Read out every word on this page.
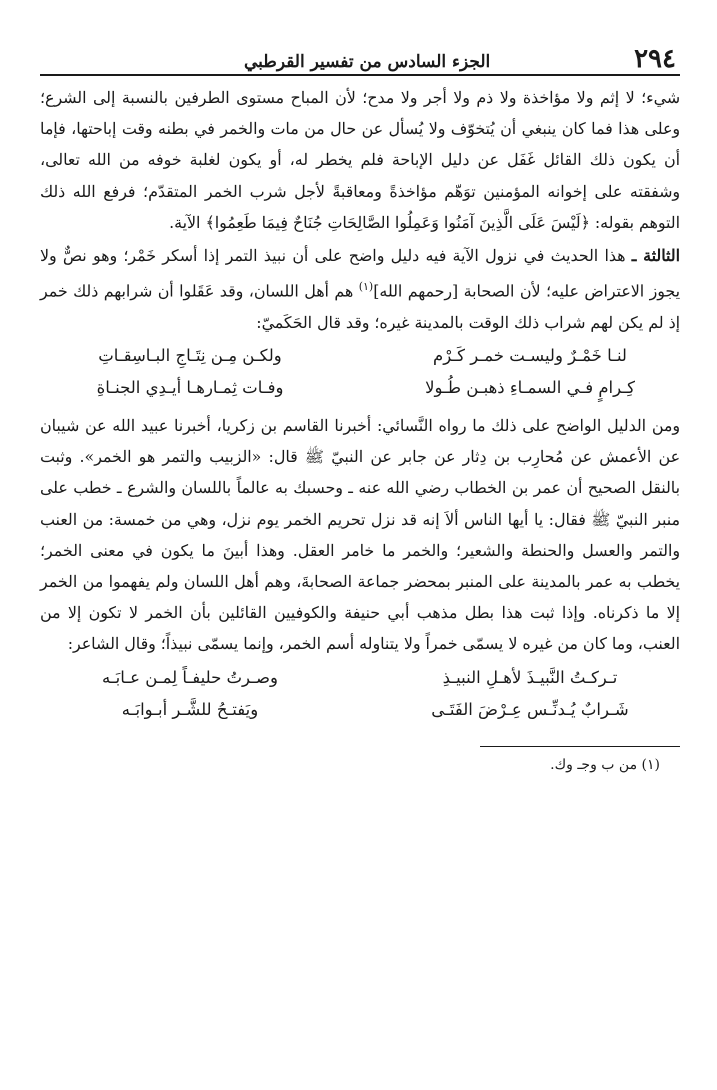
٢٩٤
الجزء السادس من تفسير القرطبي

شيء؛ لا إثم ولا مؤاخذة ولا ذم ولا أجر ولا مدح؛ لأن المباح مستوى الطرفين بالنسبة إلى الشرع؛ وعلى هذا فما كان ينبغي أن يُتخوّف ولا يُسأل عن حال من مات والخمر في بطنه وقت إباحتها، فإما أن يكون ذلك القائل غَفَل عن دليل الإباحة فلم يخطر له، أو يكون لغلبة خوفه من الله تعالى، وشفقته على إخوانه المؤمنين توَهّم مؤاخذةً ومعاقبةً لأجل شرب الخمر المتقدّم؛ فرفع الله ذلك التوهم بقوله: ﴿لَيْسَ عَلَى الَّذِينَ آمَنُوا وَعَمِلُوا الصَّالِحَاتِ جُنَاحٌ فِيمَا طَعِمُوا﴾ الآية.

الثالثة ـ هذا الحديث في نزول الآية فيه دليل واضح على أن نبيذ التمر إذا أسكر خَمْر؛ وهو نصٌّ ولا يجوز الاعتراض عليه؛ لأن الصحابة [رحمهم الله]$^{(١)}$ هم أهل اللسان، وقد عَقَلوا أن شرابهم ذلك خمر إذ لم يكن لهم شراب ذلك الوقت بالمدينة غيره؛ وقد قال الحَكَميّ:

لنـا خَمْـرٌ وليسـت خمـر كَـرْم
ولكـن مِـن نِتَـاجِ البـاسِقـاتِ
كِـرامٍ فـي السمـاءِ ذهبـن طُـولا
وفـات ثِمـارهـا أيـدِي الجنـاةِ

ومن الدليل الواضح على ذلك ما رواه النَّسائي: أخبرنا القاسم بن زكريا، أخبرنا عبيد الله عن شيبان عن الأعمش عن مُحارِب بن دِثار عن جابر عن النبيّ ﷺ قال: «الزبيب والتمر هو الخمر». وثبت بالنقل الصحيح أن عمر بن الخطاب رضي الله عنه ـ وحسبك به عالماً باللسان والشرع ـ خطب على منبر النبيّ ﷺ فقال: يا أيها الناس ألاَ إنه قد نزل تحريم الخمر يوم نزل، وهي من خمسة: من العنب والتمر والعسل والحنطة والشعير؛ والخمر ما خامر العقل. وهذا أبينَ ما يكون في معنى الخمر؛ يخطب به عمر بالمدينة على المنبر بمحضر جماعة الصحابةَ، وهم أهل اللسان ولم يفهموا من الخمر إلا ما ذكرناه. وإذا ثبت هذا بطل مذهب أبي حنيفة والكوفيين القائلين بأن الخمر لا تكون إلا من العنب، وما كان من غيره لا يسمّى خمراً ولا يتناوله أسم الخمر، وإنما يسمّى نبيذاً؛ وقال الشاعر:

تـركـتُ النَّبيـذَ لأهـلِ النبيـذِ
وصـرتُ حليفـاً لِمـن عـابَـه
شَـرابٌ يُـدنِّـس عِـرْضَ الفَتَـى
ويَفتـحُ للشَّـر أبـوابَـه
(١) من ب وجـ وك.
